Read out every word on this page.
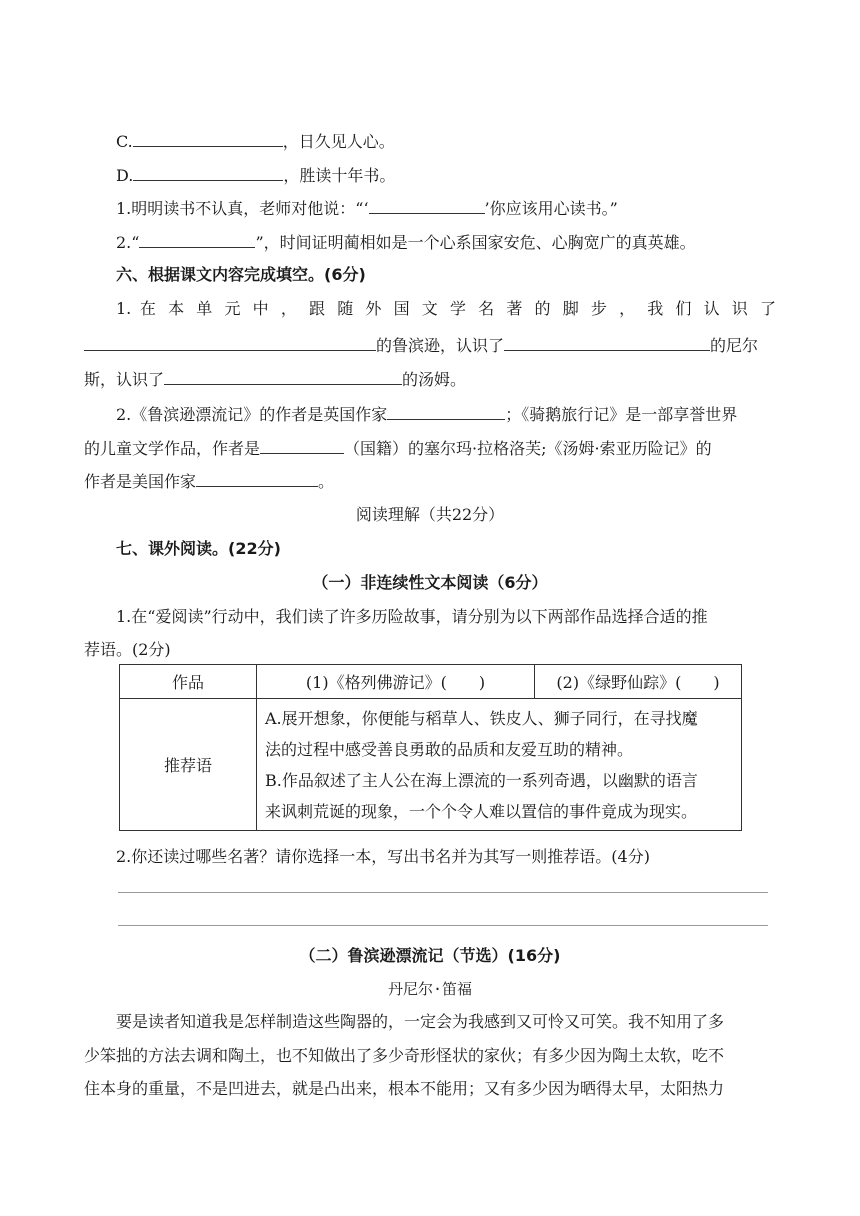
C.	，日久见人心。
D.	，胜读十年书。
1.明明读书不认真，老师对他说：“‘	’你应该用心读书。”
2.“	”，时间证明蔺相如是一个心系国家安危、心胸宽广的真英雄。
六、根据课文内容完成填空。(6分)
1. 在 本 单 元 中 ， 跟 随 外 国 文 学 名 著 的 脚 步 ， 我 们 认 识 了
的鲁滨逊，认识了	的尼尔
斯，认识了	的汤姆。
2.《鲁滨逊漂流记》的作者是英国作家	；《骑鹅旅行记》是一部享誉世界
的儿童文学作品，作者是	（国籍）的塞尔玛·拉格洛芙;《汤姆·索亚历险记》的
作者是美国作家	。
阅读理解（共22分）
七、课外阅读。(22分)
（一）非连续性文本阅读（6分）
1.在“爱阅读”行动中，我们读了许多历险故事，请分别为以下两部作品选择合适的推
荐语。(2分)
作品	(1)《格列佛游记》(　　)	(2)《绿野仙踪》(　　)
推荐语	A.展开想象，你便能与稻草人、铁皮人、狮子同行，在寻找魔
法的过程中感受善良勇敢的品质和友爱互助的精神。
B.作品叙述了主人公在海上漂流的一系列奇遇，以幽默的语言
来讽刺荒诞的现象，一个个令人难以置信的事件竟成为现实。	
2.你还读过哪些名著？请你选择一本，写出书名并为其写一则推荐语。(4分)
（二）鲁滨逊漂流记（节选）(16分)
丹尼尔·笛福
要是读者知道我是怎样制造这些陶器的，一定会为我感到又可怜又可笑。我不知用了多
少笨拙的方法去调和陶土，也不知做出了多少奇形怪状的家伙；有多少因为陶土太软，吃不
住本身的重量，不是凹进去，就是凸出来，根本不能用；又有多少因为晒得太早，太阳热力
